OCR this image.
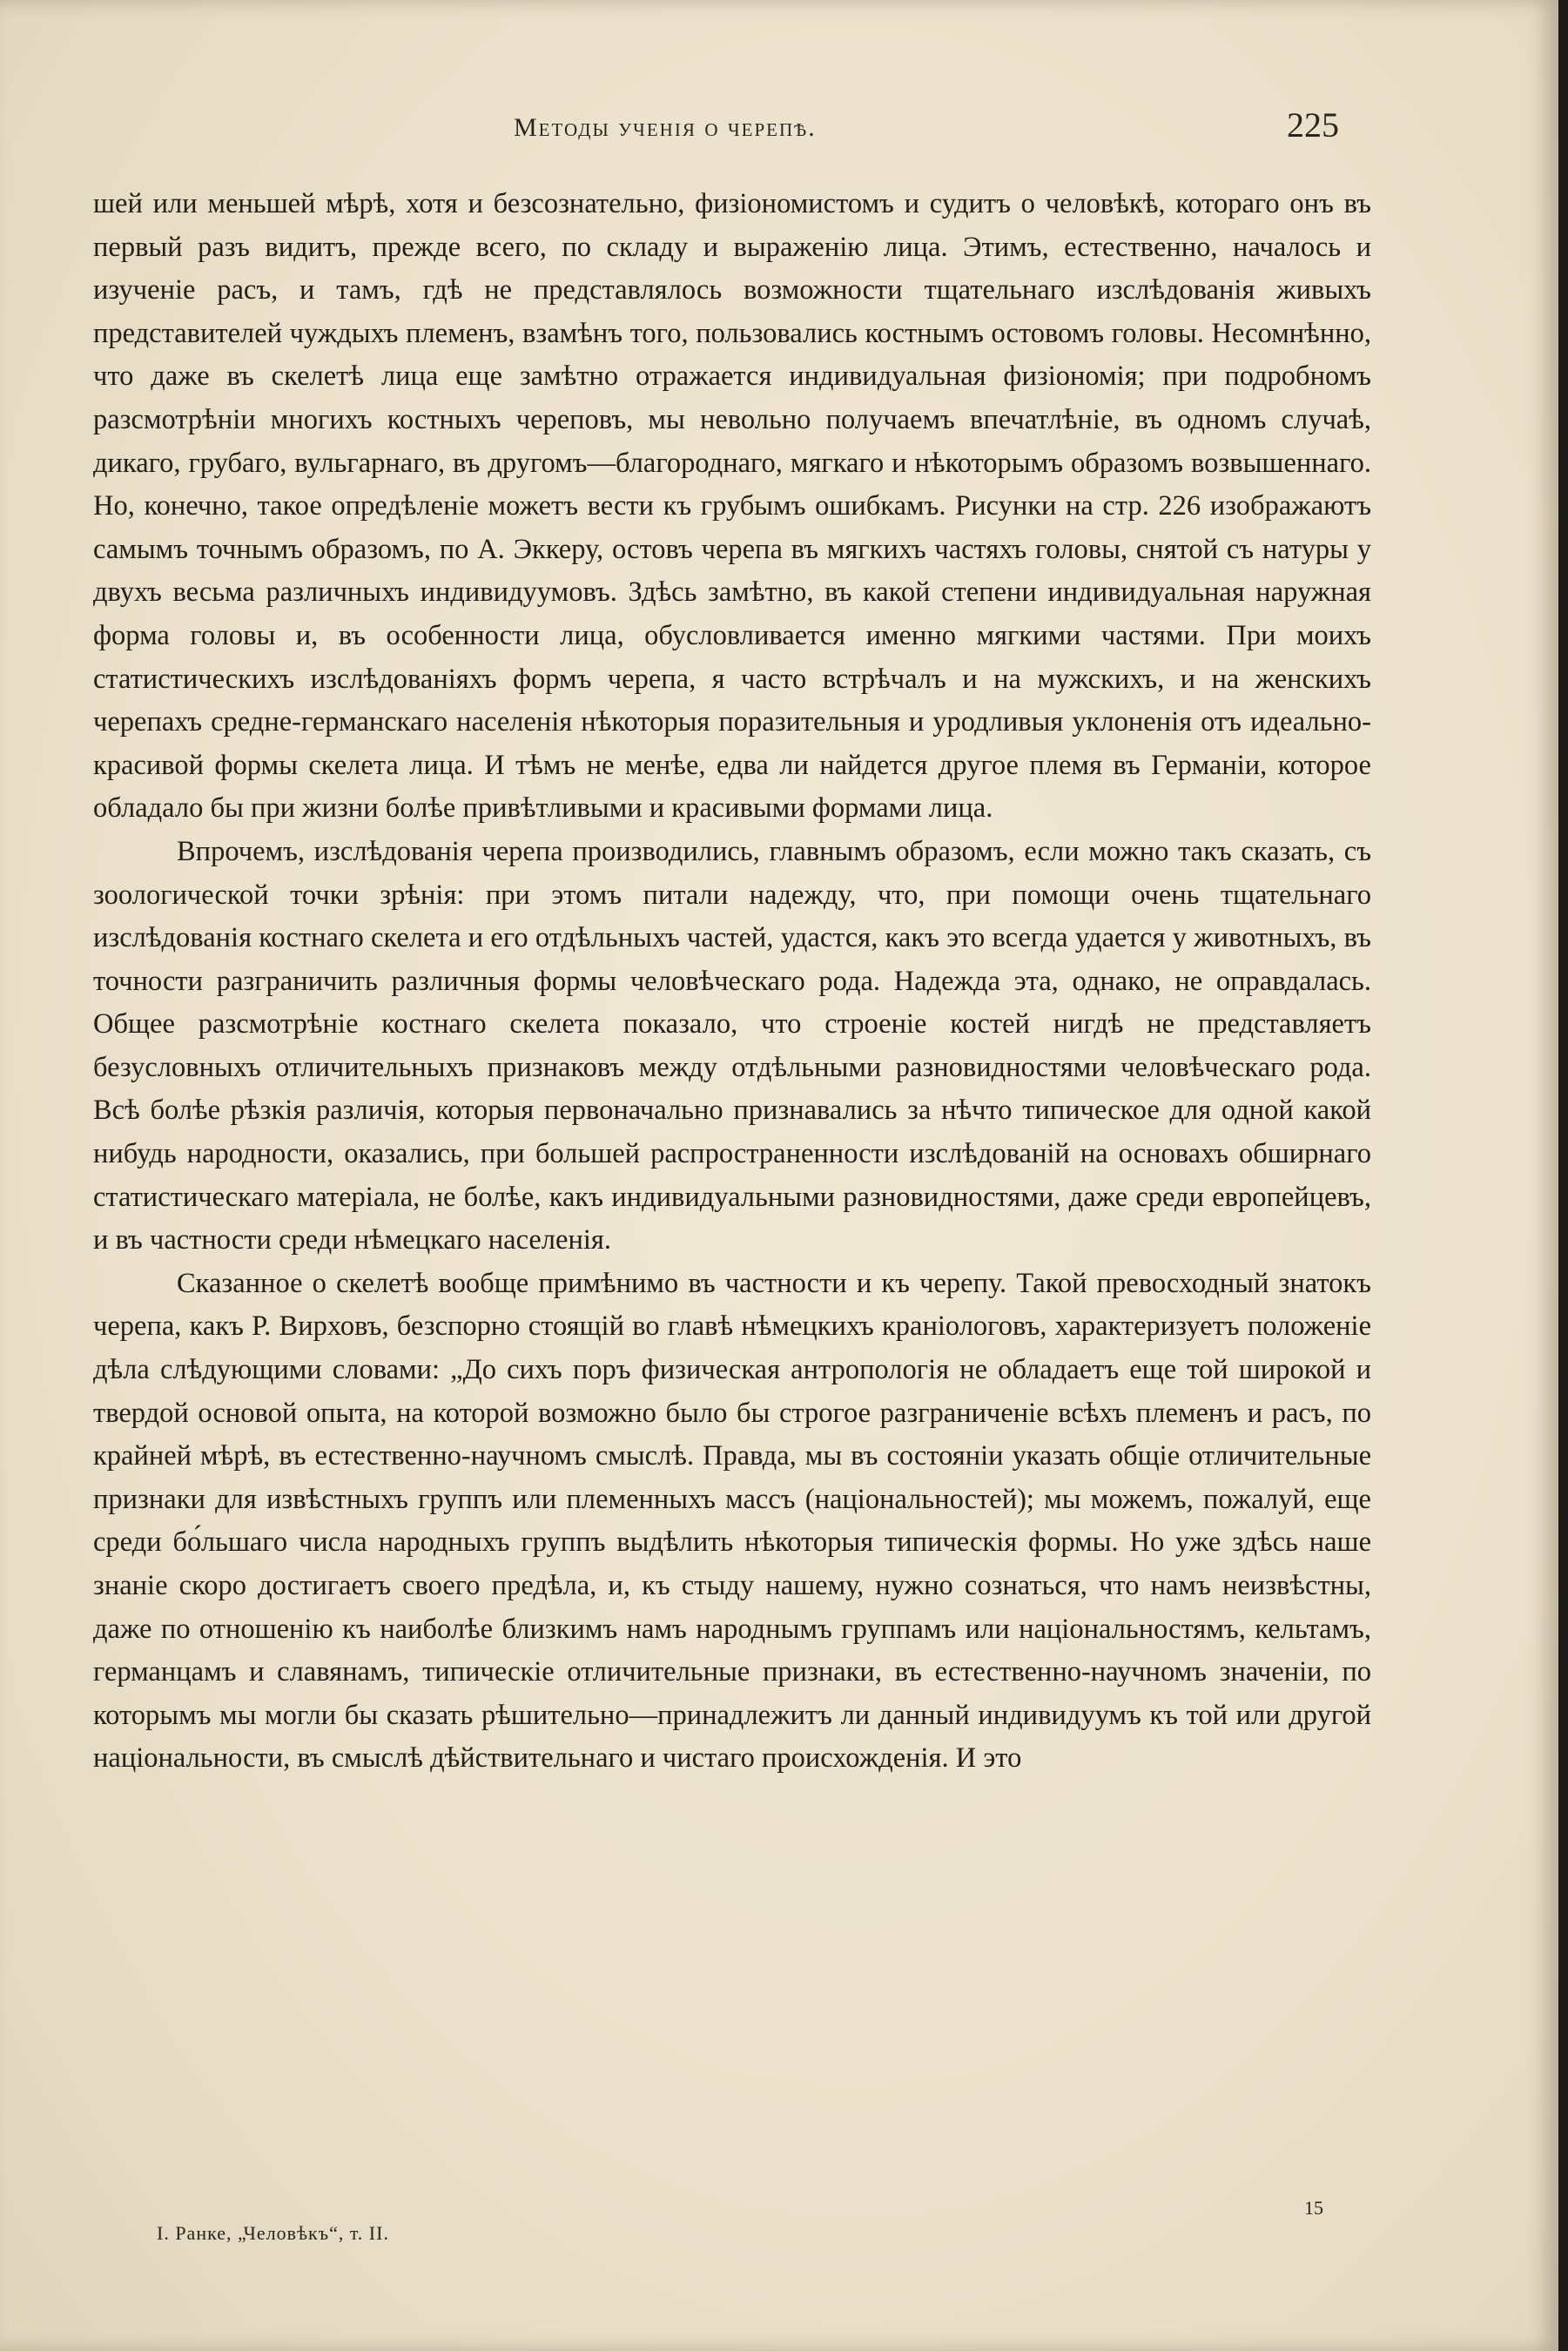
Методы ученія о черепѣ.	225

шей или меньшей мѣрѣ, хотя и безсознательно, физіономистомъ и судитъ о человѣкѣ, котораго онъ въ первый разъ видитъ, прежде всего, по складу и выраженію лица. Этимъ, естественно, началось и изученіе расъ, и тамъ, гдѣ не представлялось возможности тщательнаго изслѣдованія живыхъ представителей чуждыхъ племенъ, взамѣнъ того, пользовались костнымъ остовомъ головы. Несомнѣнно, что даже въ скелетѣ лица еще замѣтно отражается индивидуальная физіономія; при подробномъ разсмотрѣніи многихъ костныхъ череповъ, мы невольно получаемъ впечатлѣніе, въ одномъ случаѣ, дикаго, грубаго, вульгарнаго, въ другомъ—благороднаго, мягкаго и нѣкоторымъ образомъ возвышеннаго. Но, конечно, такое опредѣленіе можетъ вести къ грубымъ ошибкамъ. Рисунки на стр. 226 изображаютъ самымъ точнымъ образомъ, по А. Эккеру, остовъ черепа въ мягкихъ частяхъ головы, снятой съ натуры у двухъ весьма различныхъ индивидуумовъ. Здѣсь замѣтно, въ какой степени индивидуальная наружная форма головы и, въ особенности лица, обусловливается именно мягкими частями. При моихъ статистическихъ изслѣдованіяхъ формъ черепа, я часто встрѣчалъ и на мужскихъ, и на женскихъ черепахъ средне-германскаго населенія нѣкоторыя поразительныя и уродливыя уклоненія отъ идеально-красивой формы скелета лица. И тѣмъ не менѣе, едва ли найдется другое племя въ Германіи, которое обладало бы при жизни болѣе привѣтливыми и красивыми формами лица.

Впрочемъ, изслѣдованія черепа производились, главнымъ образомъ, если можно такъ сказать, съ зоологической точки зрѣнія: при этомъ питали надежду, что, при помощи очень тщательнаго изслѣдованія костнаго скелета и его отдѣльныхъ частей, удастся, какъ это всегда удается у животныхъ, въ точности разграничить различныя формы человѣческаго рода. Надежда эта, однако, не оправдалась. Общее разсмотрѣніе костнаго скелета показало, что строеніе костей нигдѣ не представляетъ безусловныхъ отличительныхъ признаковъ между отдѣльными разновидностями человѣческаго рода. Всѣ болѣе рѣзкія различія, которыя первоначально признавались за нѣчто типическое для одной какой нибудь народности, оказались, при большей распространенности изслѣдованій на основахъ обширнаго статистическаго матеріала, не болѣе, какъ индивидуальными разновидностями, даже среди европейцевъ, и въ частности среди нѣмецкаго населенія.

Сказанное о скелетѣ вообще примѣнимо въ частности и къ черепу. Такой превосходный знатокъ черепа, какъ Р. Вирховъ, безспорно стоящій во главѣ нѣмецкихъ краніологовъ, характеризуетъ положеніе дѣла слѣдующими словами: „До сихъ поръ физическая антропологія не обладаетъ еще той широкой и твердой основой опыта, на которой возможно было бы строгое разграниченіе всѣхъ племенъ и расъ, по крайней мѣрѣ, въ естественно-научномъ смыслѣ. Правда, мы въ состояніи указать общіе отличительные признаки для извѣстныхъ группъ или племенныхъ массъ (національностей); мы можемъ, пожалуй, еще среди бо́льшаго числа народныхъ группъ выдѣлить нѣкоторыя типическія формы. Но уже здѣсь наше знаніе скоро достигаетъ своего предѣла, и, къ стыду нашему, нужно сознаться, что намъ неизвѣстны, даже по отношенію къ наиболѣе близкимъ намъ народнымъ группамъ или національностямъ, кельтамъ, германцамъ и славянамъ, типическіе отличительные признаки, въ естественно-научномъ значеніи, по которымъ мы могли бы сказать рѣшительно—принадлежитъ ли данный индивидуумъ къ той или другой національности, въ смыслѣ дѣйствительнаго и чистаго происхожденія. И это

15
І. Ранке, „Человѣкъ“, т. II.
